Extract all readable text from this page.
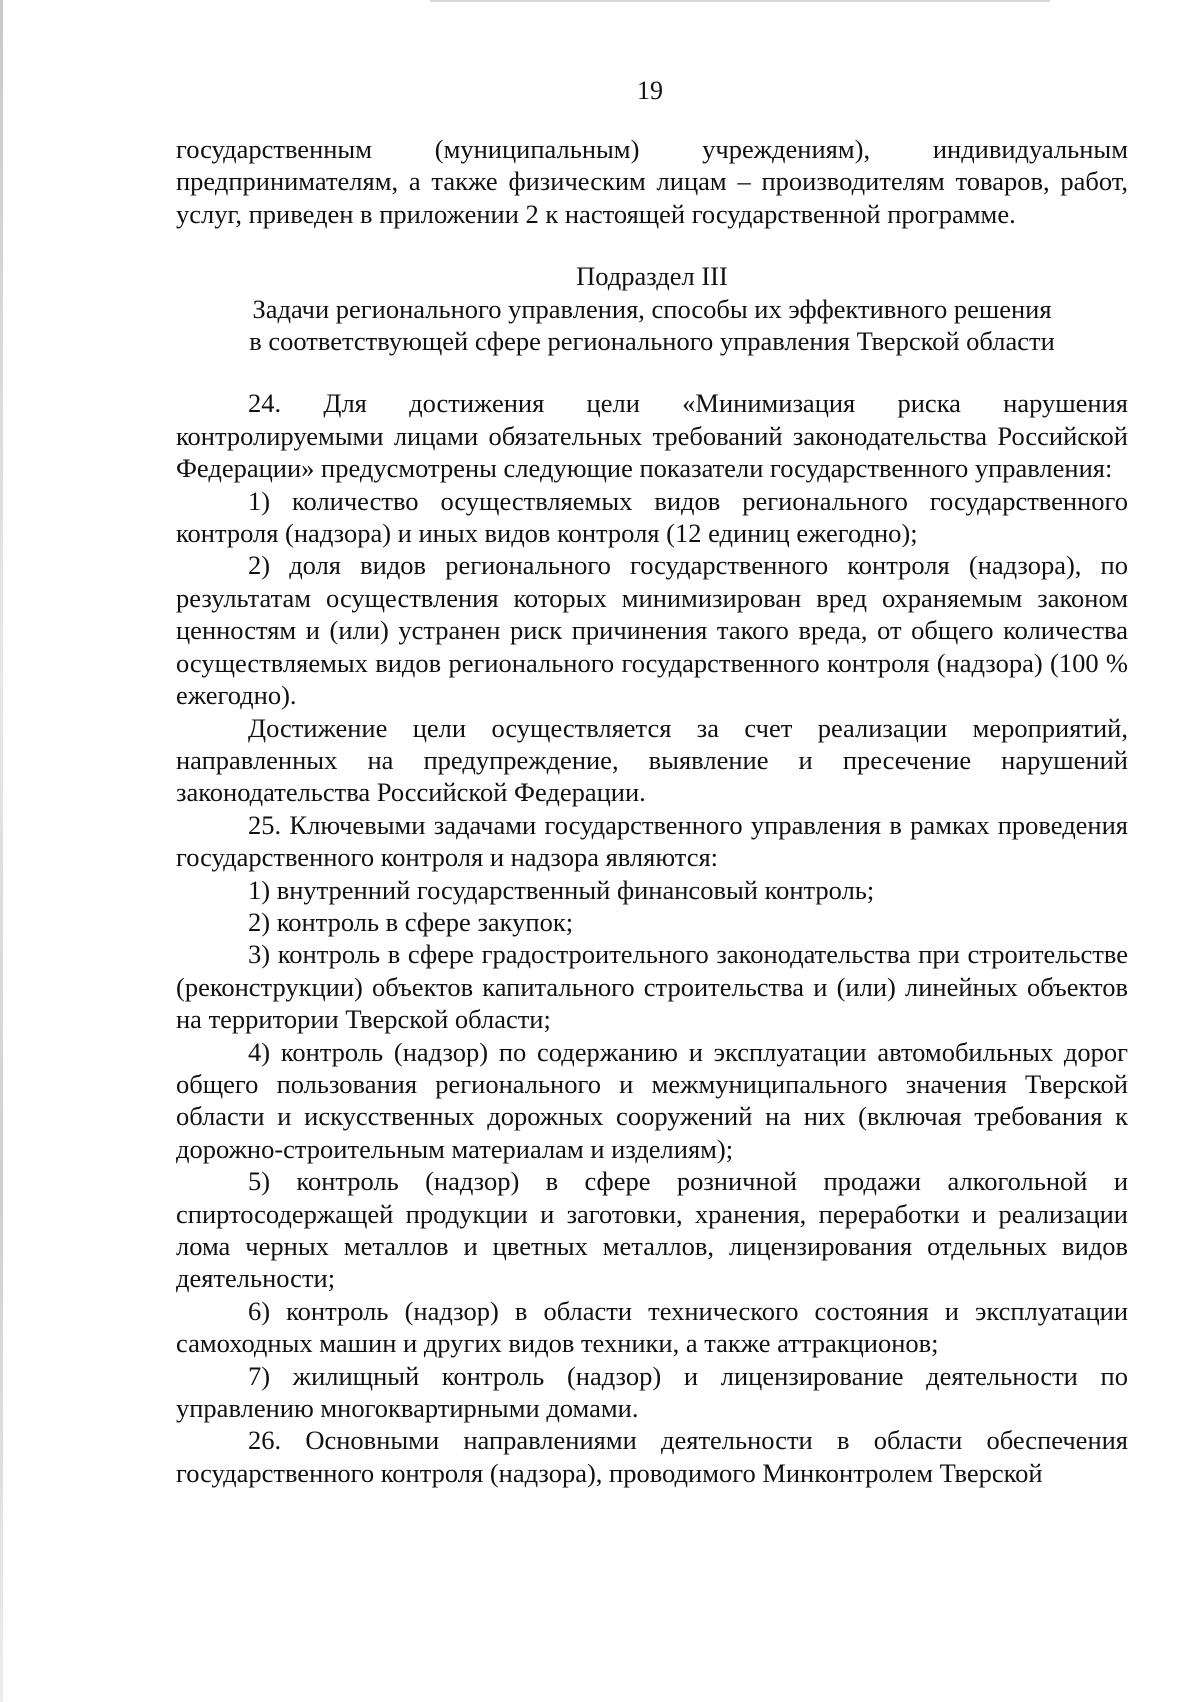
19

государственным (муниципальным) учреждениям), индивидуальным предпринимателям, а также физическим лицам – производителям товаров, работ, услуг, приведен в приложении 2 к настоящей государственной программе.

Подраздел III

Задачи регионального управления, способы их эффективного решения

в соответствующей сфере регионального управления Тверской области

24. Для достижения цели «Минимизация риска нарушения контролируемыми лицами обязательных требований законодательства Российской Федерации» предусмотрены следующие показатели государственного управления:

1) количество осуществляемых видов регионального государственного контроля (надзора) и иных видов контроля (12 единиц ежегодно);

2) доля видов регионального государственного контроля (надзора), по результатам осуществления которых минимизирован вред охраняемым законом ценностям и (или) устранен риск причинения такого вреда, от общего количества осуществляемых видов регионального государственного контроля (надзора) (100 % ежегодно).

Достижение цели осуществляется за счет реализации мероприятий, направленных на предупреждение, выявление и пресечение нарушений законодательства Российской Федерации.

25. Ключевыми задачами государственного управления в рамках проведения государственного контроля и надзора являются:

1) внутренний государственный финансовый контроль;

2) контроль в сфере закупок;

3) контроль в сфере градостроительного законодательства при строительстве (реконструкции) объектов капитального строительства и (или) линейных объектов на территории Тверской области;

4) контроль (надзор) по содержанию и эксплуатации автомобильных дорог общего пользования регионального и межмуниципального значения Тверской области и искусственных дорожных сооружений на них (включая требования к дорожно-строительным материалам и изделиям);

5) контроль (надзор) в сфере розничной продажи алкогольной и спиртосодержащей продукции и заготовки, хранения, переработки и реализации лома черных металлов и цветных металлов, лицензирования отдельных видов деятельности;

6) контроль (надзор) в области технического состояния и эксплуатации самоходных машин и других видов техники, а также аттракционов;

7) жилищный контроль (надзор) и лицензирование деятельности по управлению многоквартирными домами.

26. Основными направлениями деятельности в области обеспечения государственного контроля (надзора), проводимого Минконтролем Тверской
